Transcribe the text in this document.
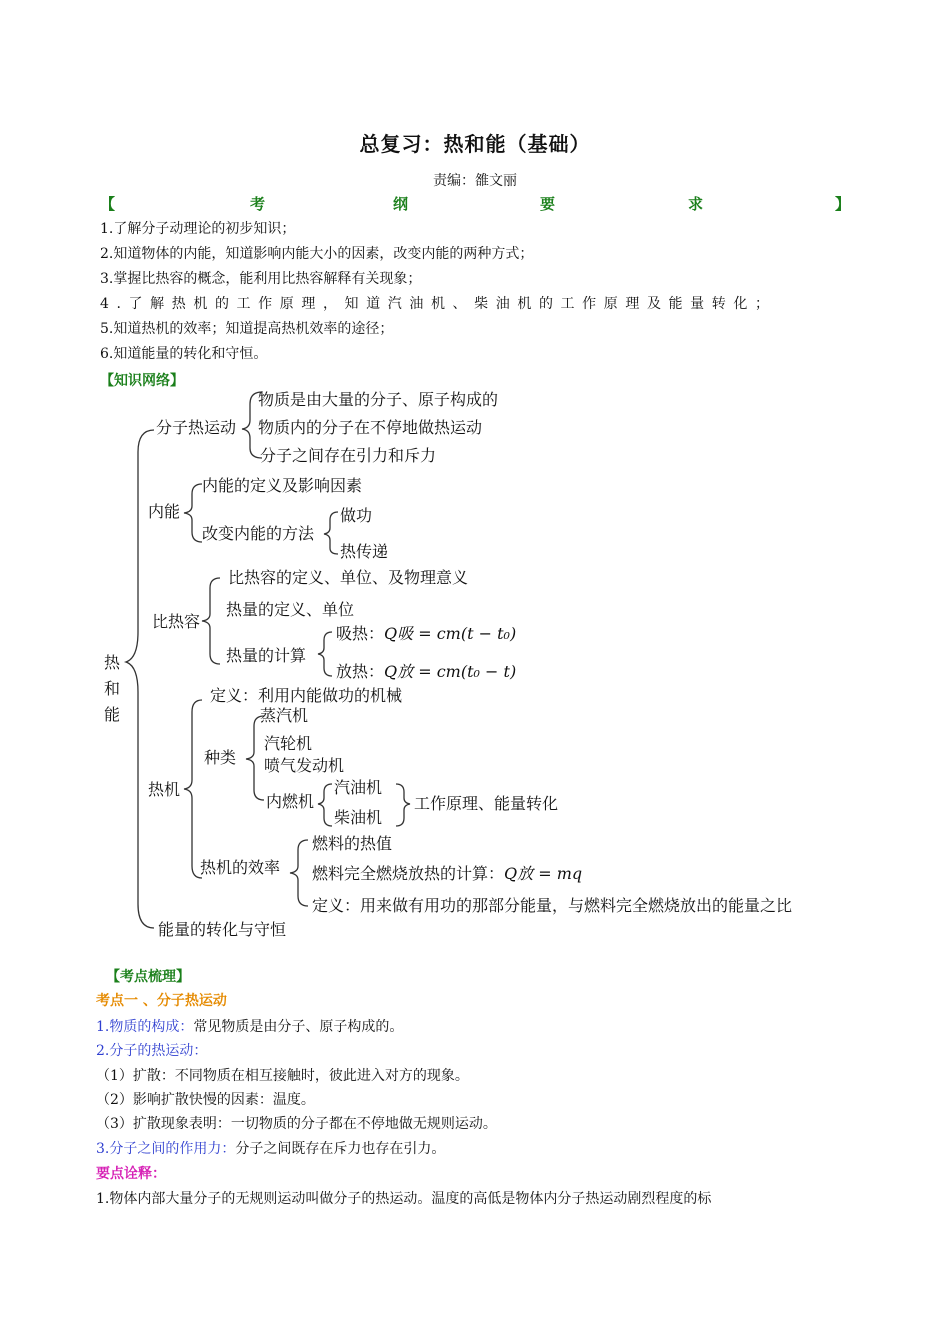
总复习：热和能（基础）
责编：雒文丽
【	考	纲	要	求	】
1.了解分子动理论的初步知识；
2.知道物体的内能，知道影响内能大小的因素，改变内能的两种方式；
3.掌握比热容的概念，能利用比热容解释有关现象；
4.了解热机的工作原理，知道汽油机、柴油机的工作原理及能量转化；
5.知道热机的效率；知道提高热机效率的途径；
6.知道能量的转化和守恒。
【知识网络】
热
和
能
分子热运动
物质是由大量的分子、原子构成的
物质内的分子在不停地做热运动
分子之间存在引力和斥力
内能
内能的定义及影响因素
改变内能的方法
做功
热传递
比热容
比热容的定义、单位、及物理意义
热量的定义、单位
热量的计算
吸热：Q吸 = cm(t − t₀)
放热：Q放 = cm(t₀ − t)
热机
定义：利用内能做功的机械
种类
蒸汽机
汽轮机
喷气发动机
内燃机
汽油机
柴油机
工作原理、能量转化
热机的效率
燃料的热值
燃料完全燃烧放热的计算：Q放 = mq
定义：用来做有用功的那部分能量，与燃料完全燃烧放出的能量之比
能量的转化与守恒
【考点梳理】
考点一 、分子热运动
1.物质的构成：常见物质是由分子、原子构成的。
2.分子的热运动：
（1）扩散：不同物质在相互接触时，彼此进入对方的现象。
（2）影响扩散快慢的因素：温度。
（3）扩散现象表明：一切物质的分子都在不停地做无规则运动。
3.分子之间的作用力：分子之间既存在斥力也存在引力。
要点诠释：
1.物体内部大量分子的无规则运动叫做分子的热运动。温度的高低是物体内分子热运动剧烈程度的标
